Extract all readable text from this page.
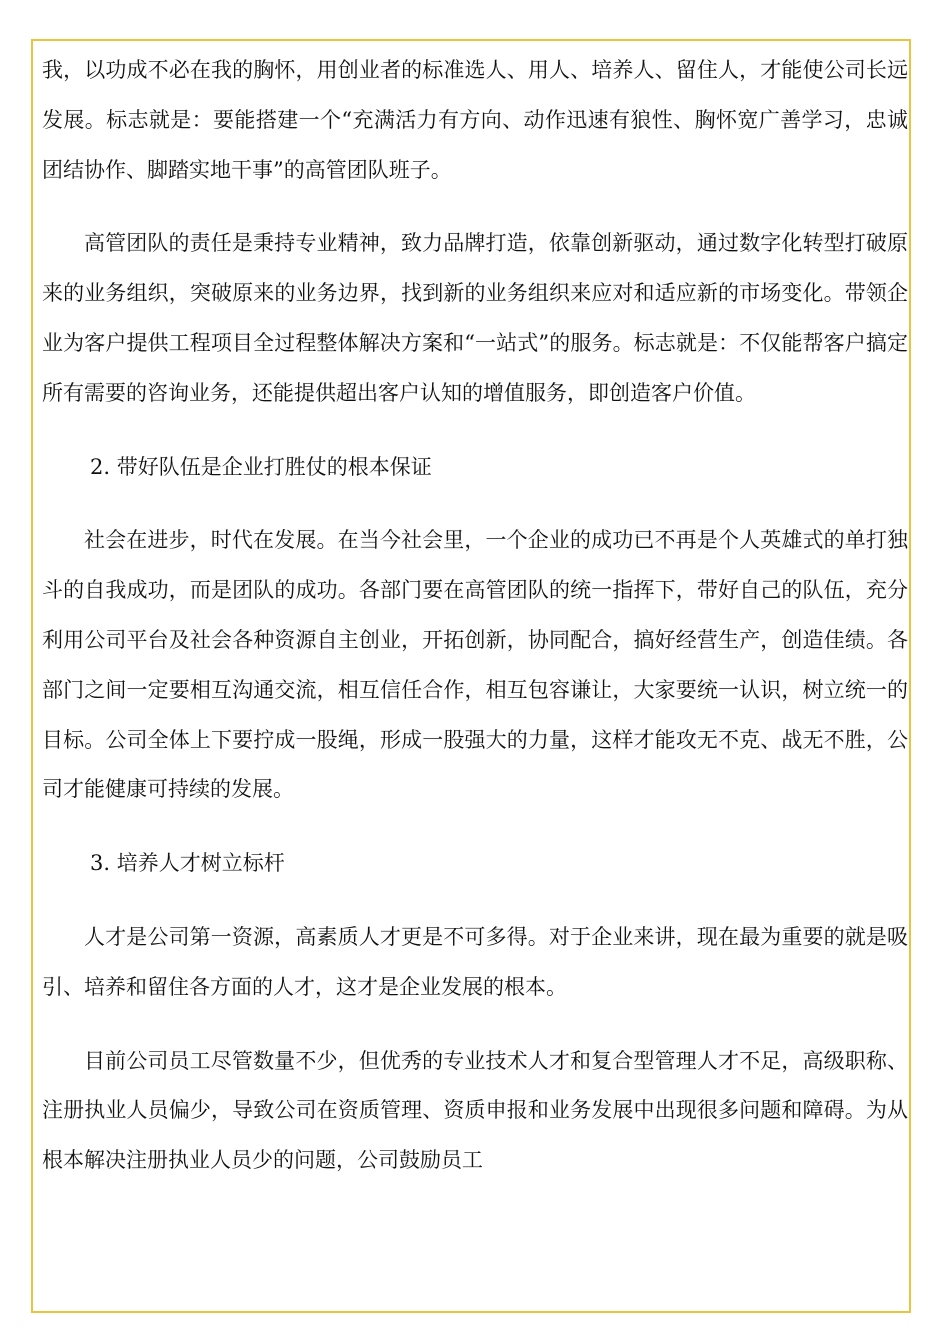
我，以功成不必在我的胸怀，用创业者的标准选人、用人、培养人、留住人，才能使公司长远发展。标志就是：要能搭建一个“充满活力有方向、动作迅速有狼性、胸怀宽广善学习，忠诚团结协作、脚踏实地干事”的高管团队班子。

高管团队的责任是秉持专业精神，致力品牌打造，依靠创新驱动，通过数字化转型打破原来的业务组织，突破原来的业务边界，找到新的业务组织来应对和适应新的市场变化。带领企业为客户提供工程项目全过程整体解决方案和“一站式”的服务。标志就是：不仅能帮客户搞定所有需要的咨询业务，还能提供超出客户认知的增值服务，即创造客户价值。

2. 带好队伍是企业打胜仗的根本保证

社会在进步，时代在发展。在当今社会里，一个企业的成功已不再是个人英雄式的单打独斗的自我成功，而是团队的成功。各部门要在高管团队的统一指挥下，带好自己的队伍，充分利用公司平台及社会各种资源自主创业，开拓创新，协同配合，搞好经营生产，创造佳绩。各部门之间一定要相互沟通交流，相互信任合作，相互包容谦让，大家要统一认识，树立统一的目标。公司全体上下要拧成一股绳，形成一股强大的力量，这样才能攻无不克、战无不胜，公司才能健康可持续的发展。

3. 培养人才树立标杆

人才是公司第一资源，高素质人才更是不可多得。对于企业来讲，现在最为重要的就是吸引、培养和留住各方面的人才，这才是企业发展的根本。

目前公司员工尽管数量不少，但优秀的专业技术人才和复合型管理人才不足，高级职称、注册执业人员偏少，导致公司在资质管理、资质申报和业务发展中出现很多问题和障碍。为从根本解决注册执业人员少的问题，公司鼓励员工
